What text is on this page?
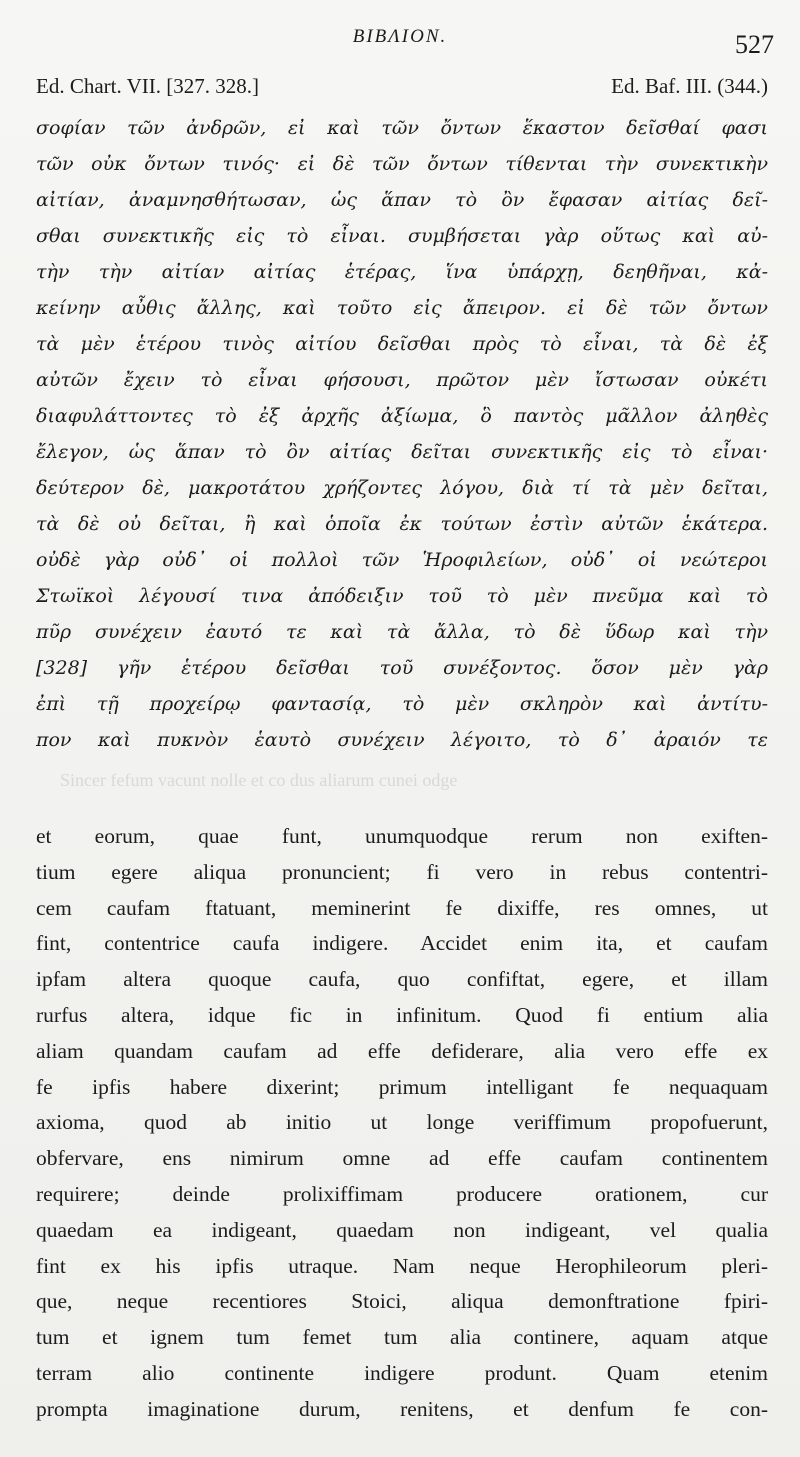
BIBΛION.	527
Ed. Chart. VII. [327. 328.]	Ed. Baf. III. (344.)
σοφίαν τῶν ἀνδρῶν, εἰ καὶ τῶν ὄντων ἕκαστον δεῖσθαί φασι
τῶν οὐκ ὄντων τινός· εἰ δὲ τῶν ὄντων τίθενται τὴν συνεκτικὴν
αἰτίαν, ἀναμνησθήτωσαν, ὡς ἅπαν τὸ ὂν ἔφασαν αἰτίας δεῖ-
σθαι συνεκτικῆς εἰς τὸ εἶναι. συμβήσεται γὰρ οὕτως καὶ αὐ-
τὴν τὴν αἰτίαν αἰτίας ἑτέρας, ἵνα ὑπάρχῃ, δεηθῆναι, κἀ-
κείνην αὖθις ἄλλης, καὶ τοῦτο εἰς ἄπειρον. εἰ δὲ τῶν ὄντων
τὰ μὲν ἑτέρου τινὸς αἰτίου δεῖσθαι πρὸς τὸ εἶναι, τὰ δὲ ἐξ
αὐτῶν ἔχειν τὸ εἶναι φήσουσι, πρῶτον μὲν ἴστωσαν οὐκέτι
διαφυλάττοντες τὸ ἐξ ἀρχῆς ἀξίωμα, ὃ παντὸς μᾶλλον ἀληθὲς
ἔλεγον, ὡς ἅπαν τὸ ὂν αἰτίας δεῖται συνεκτικῆς εἰς τὸ εἶναι·
δεύτερον δὲ, μακροτάτου χρήζοντες λόγου, διὰ τί τὰ μὲν δεῖται,
τὰ δὲ οὐ δεῖται, ἢ καὶ ὁποῖα ἐκ τούτων ἐστὶν αὐτῶν ἑκάτερα.
οὐδὲ γὰρ οὐδ᾽ οἱ πολλοὶ τῶν Ἡροφιλείων, οὐδ᾽ οἱ νεώτεροι
Στωϊκοὶ λέγουσί τινα ἀπόδειξιν τοῦ τὸ μὲν πνεῦμα καὶ τὸ
πῦρ συνέχειν ἑαυτό τε καὶ τὰ ἄλλα, τὸ δὲ ὕδωρ καὶ τὴν
[328] γῆν ἑτέρου δεῖσθαι τοῦ συνέξοντος. ὅσον μὲν γὰρ
ἐπὶ τῇ προχείρῳ φαντασίᾳ, τὸ μὲν σκληρὸν καὶ ἀντίτυ-
πον καὶ πυκνὸν ἑαυτὸ συνέχειν λέγοιτο, τὸ δ᾽ ἀραιόν τε
Sincer fefum vacunt nolle et co dus aliarum cunei odge
et eorum, quae funt, unumquodque rerum non exiften-
tium egere aliqua pronuncient; fi vero in rebus contentri-
cem caufam ftatuant, meminerint fe dixiffe, res omnes, ut
fint, contentrice caufa indigere. Accidet enim ita, et caufam
ipfam altera quoque caufa, quo confiftat, egere, et illam
rurfus altera, idque fic in infinitum. Quod fi entium alia
aliam quandam caufam ad effe defiderare, alia vero effe ex
fe ipfis habere dixerint; primum intelligant fe nequaquam
axioma, quod ab initio ut longe veriffimum propofuerunt,
obfervare, ens nimirum omne ad effe caufam continentem
requirere; deinde prolixiffimam producere orationem, cur
quaedam ea indigeant, quaedam non indigeant, vel qualia
fint ex his ipfis utraque. Nam neque Herophileorum pleri-
que, neque recentiores Stoici, aliqua demonftratione fpiri-
tum et ignem tum femet tum alia continere, aquam atque
terram alio continente indigere produnt. Quam etenim
prompta imaginatione durum, renitens, et denfum fe con-
